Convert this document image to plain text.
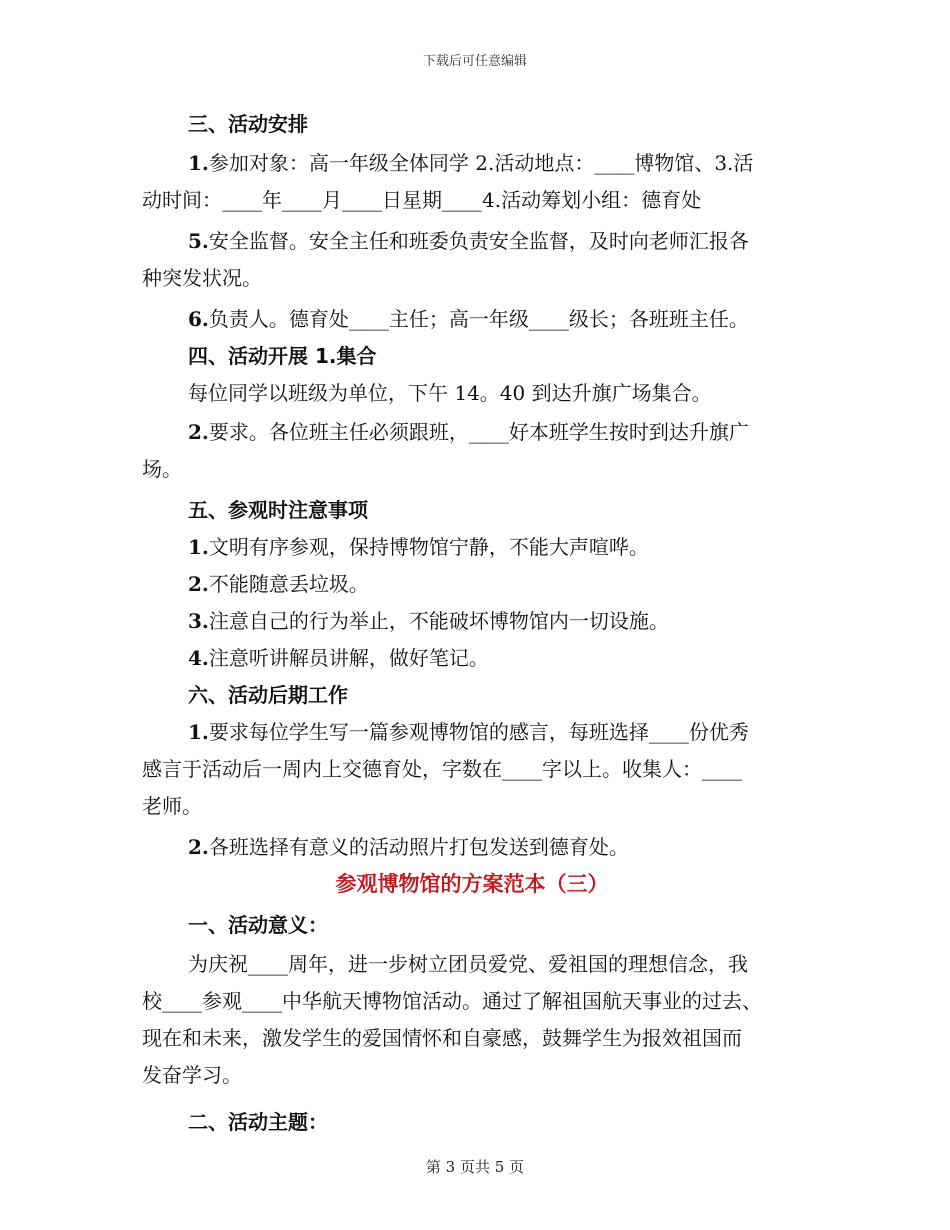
下载后可任意编辑
三、活动安排
1.参加对象：高一年级全体同学 2.活动地点：____博物馆、3.活
动时间：____年____月____日星期____4.活动筹划小组：德育处
5.安全监督。安全主任和班委负责安全监督，及时向老师汇报各
种突发状况。
6.负责人。德育处____主任；高一年级____级长；各班班主任。
四、活动开展 1.集合
每位同学以班级为单位，下午 14。40 到达升旗广场集合。
2.要求。各位班主任必须跟班，____好本班学生按时到达升旗广
场。
五、参观时注意事项
1.文明有序参观，保持博物馆宁静，不能大声喧哗。
2.不能随意丢垃圾。
3.注意自己的行为举止，不能破坏博物馆内一切设施。
4.注意听讲解员讲解，做好笔记。
六、活动后期工作
1.要求每位学生写一篇参观博物馆的感言，每班选择____份优秀
感言于活动后一周内上交德育处，字数在____字以上。收集人：____
老师。
2.各班选择有意义的活动照片打包发送到德育处。
参观博物馆的方案范本（三）
一、活动意义：
为庆祝____周年，进一步树立团员爱党、爱祖国的理想信念，我
校____参观____中华航天博物馆活动。通过了解祖国航天事业的过去、
现在和未来，激发学生的爱国情怀和自豪感，鼓舞学生为报效祖国而
发奋学习。
二、活动主题：
第 3 页共 5 页
